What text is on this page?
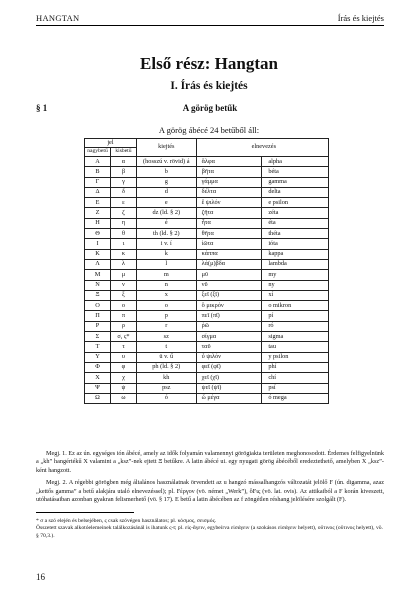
HANGTAN	Írás és kiejtés
Első rész: Hangtan
I. Írás és kiejtés
A görög betűk
§ 1
A görög ábécé 24 betűből áll:
jel		kiejtés	elnevezés	
nagybetű	kisbetű			
Α	α	(hosszú v. rövid) á	ἄλφα	alpha
Β	β	b	βῆτα	béta
Γ	γ	g	γάμμα	gamma
Δ	δ	d	δέλτα	delta
Ε	ε	e	ἒ ψιλόν	e psilon
Ζ	ζ	dz (ld. § 2)	ζῆτα	zéta
Η	η	é	ἦτα	éta
Θ	θ	th (ld. § 2)	θῆτα	théta
Ι	ι	i v. í	ἰῶτα	ióta
Κ	κ	k	κάππα	kappa
Λ	λ	l	λά(μ)βδα	lambda
Μ	μ	m	μῦ	my
Ν	ν	n	νῦ	ny
Ξ	ξ	x	ξεῖ (ξῖ)	xí
Ο	ο	o	ὂ μικρόν	o mikron
Π	π	p	πεῖ (πῖ)	pí
Ρ	ρ	r	ῥῶ	ró
Σ	σ, ς*	sz	σίγμα	sigma
Τ	τ	t	ταῦ	tau
Υ	υ	ü v. ű	ὖ ψιλόν	y psilon
Φ	φ	ph (ld. § 2)	φεῖ (φῖ)	phí
Χ	χ	kh	χεῖ (χῖ)	chí
Ψ	ψ	psz	ψεῖ (ψῖ)	psí
Ω	ω	ó	ὦ μέγα	ó mega

Megj. 1. Ez az ún. egységes ión ábécé, amely az idők folyamán valamennyi görögiakta területen meghonosodott. Érdemes felfigyelnünk a „kh” hangértékű X valamint a „ksz”-nek ejtett Ξ betűkre. A latin ábécé ui. egy nyugati görög ábécéből eredeztethető, amelyben X „ksz”-ként hangzott.

Megj. 2. A régebbi görögben még általános használatnak örvendett az u hangzó mássalhangzós változatát jelölő Ϝ (ún. digamma, azaz „kettős gamma” a betű alakjára utaló elnevezéssel); pl. Ϝέργον (vö. német „Werk”), ὄϜις (vö. lat. ovis). Az attikaiból a Ϝ korán kiveszett, utóhatásaiban azonban gyakran felismerhető (vö. § 17). E betű a latin ábécében az f zöngétlen réshang jelölésére szolgált (F).

* σ a szó elején és belsejében, ς csak szóvégen használatos; pl. κόσμος, σεισμός.
Összetett szavak alkotóelemeinek találkozásánál is ihatunk ς-t; pl. εἰς-ἄγειν, egybeírva εἰσάγειν (a szokásos εἰσάγειν helyett), οὔτινος (οὕτινος helyett), vö. § 70,3.).
16
